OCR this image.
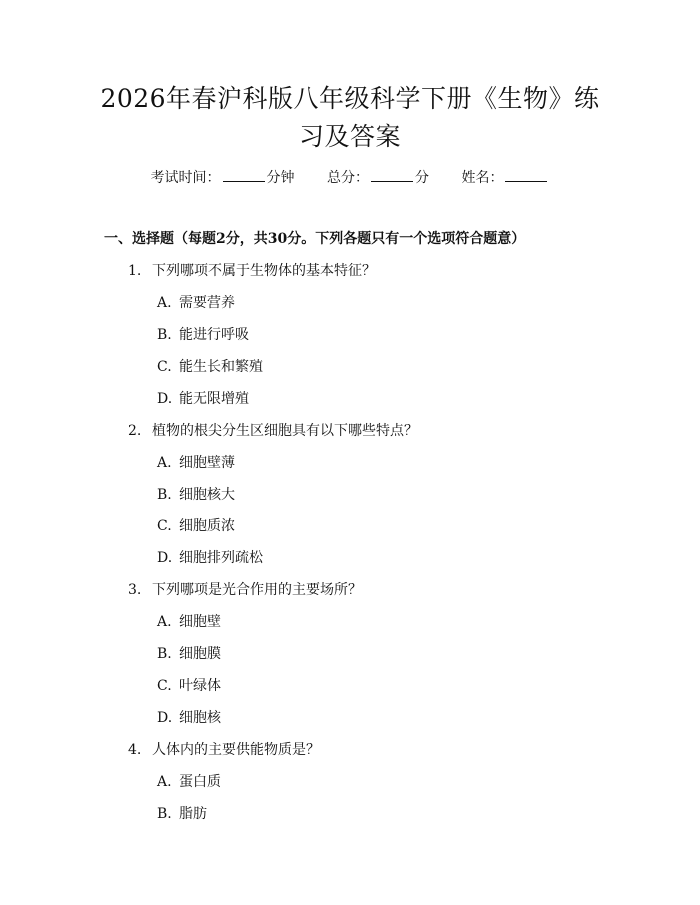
2026年春沪科版八年级科学下册《生物》练
习及答案
考试时间：	分钟 总分：	分 姓名：
一、选择题（每题2分，共30分。下列各题只有一个选项符合题意）
1. 下列哪项不属于生物体的基本特征？
A. 需要营养
B. 能进行呼吸
C. 能生长和繁殖
D. 能无限增殖
2. 植物的根尖分生区细胞具有以下哪些特点？
A. 细胞壁薄
B. 细胞核大
C. 细胞质浓
D. 细胞排列疏松
3. 下列哪项是光合作用的主要场所？
A. 细胞壁
B. 细胞膜
C. 叶绿体
D. 细胞核
4. 人体内的主要供能物质是？
A. 蛋白质
B. 脂肪
